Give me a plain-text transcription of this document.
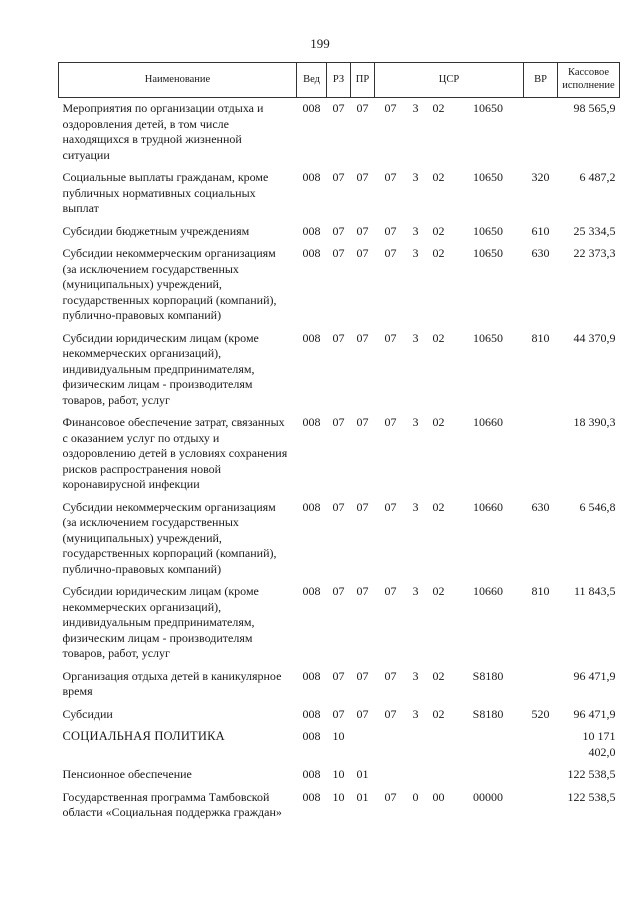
199
Наименование	Вед	РЗ	ПР	ЦСР				ВР	Кассовое исполнение
Мероприятия по организации отдыха и оздоровления детей, в том числе находящихся в трудной жизненной ситуации	008	07	07	07	3	02	10650		98 565,9
Социальные выплаты гражданам, кроме публичных нормативных социальных выплат	008	07	07	07	3	02	10650	320	6 487,2
Субсидии бюджетным учреждениям	008	07	07	07	3	02	10650	610	25 334,5
Субсидии некоммерческим организациям (за исключением государственных (муниципальных) учреждений, государственных корпораций (компаний), публично-правовых компаний)	008	07	07	07	3	02	10650	630	22 373,3
Субсидии юридическим лицам (кроме некоммерческих организаций), индивидуальным предпринимателям, физическим лицам - производителям товаров, работ, услуг	008	07	07	07	3	02	10650	810	44 370,9
Финансовое обеспечение затрат, связанных с оказанием услуг по отдыху и оздоровлению детей в условиях сохранения рисков распространения новой коронавирусной инфекции	008	07	07	07	3	02	10660		18 390,3
Субсидии некоммерческим организациям (за исключением государственных (муниципальных) учреждений, государственных корпораций (компаний), публично-правовых компаний)	008	07	07	07	3	02	10660	630	6 546,8
Субсидии юридическим лицам (кроме некоммерческих организаций), индивидуальным предпринимателям, физическим лицам - производителям товаров, работ, услуг	008	07	07	07	3	02	10660	810	11 843,5
Организация отдыха детей в каникулярное время	008	07	07	07	3	02	S8180		96 471,9
Субсидии	008	07	07	07	3	02	S8180	520	96 471,9
СОЦИАЛЬНАЯ ПОЛИТИКА	008	10							10 171 402,0
Пенсионное обеспечение	008	10	01						122 538,5
Государственная программа Тамбовской области «Социальная поддержка граждан»	008	10	01	07	0	00	00000		122 538,5
